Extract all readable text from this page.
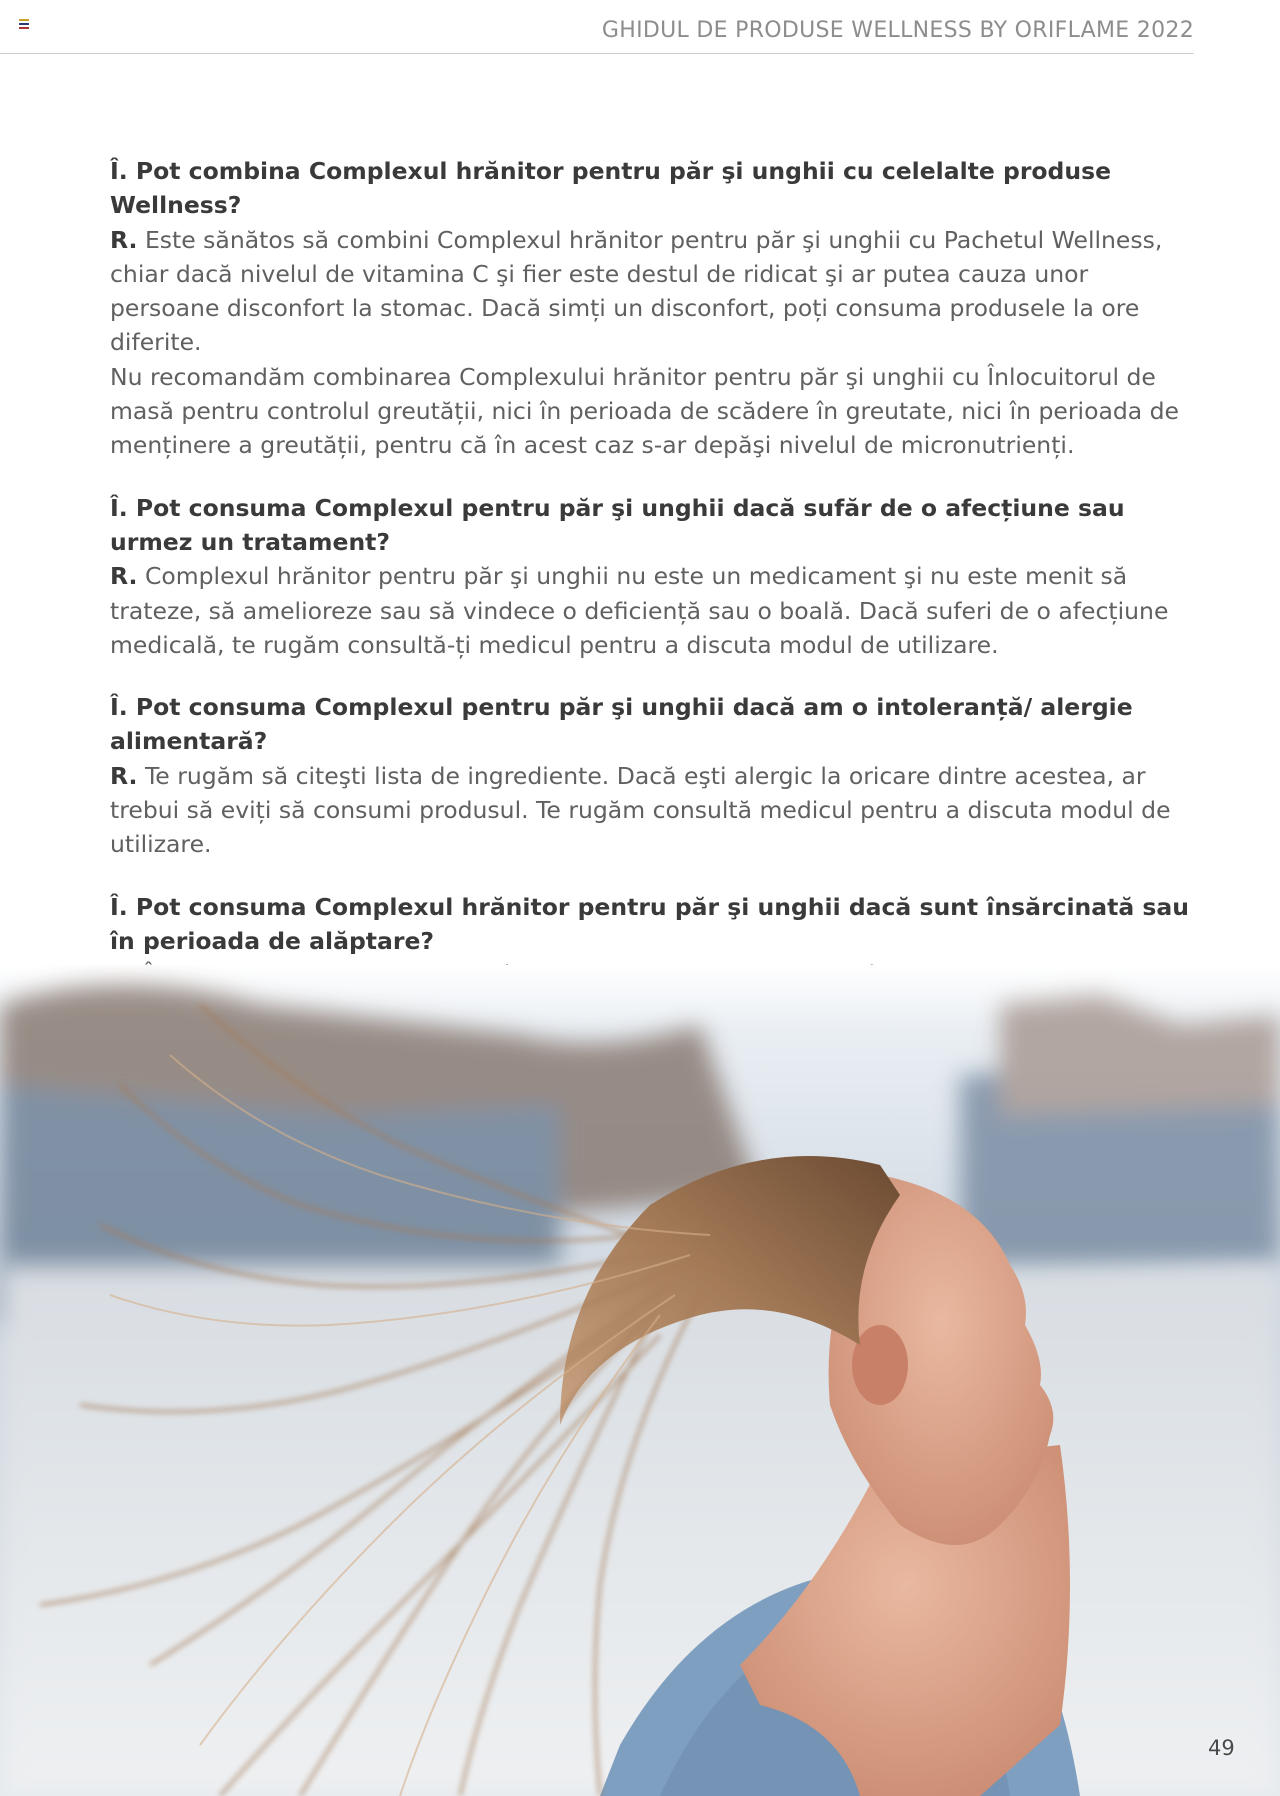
GHIDUL DE PRODUSE WELLNESS BY ORIFLAME 2022

Î. Pot combina Complexul hrănitor pentru păr şi unghii cu celelalte produse Wellness?

R. Este sănătos să combini Complexul hrănitor pentru păr şi unghii cu Pachetul Wellness, chiar dacă nivelul de vitamina C şi fier este destul de ridicat şi ar putea cauza unor persoane disconfort la stomac. Dacă simți un disconfort, poți consuma produsele la ore diferite.

Nu recomandăm combinarea Complexului hrănitor pentru păr şi unghii cu Înlocuitorul de masă pentru controlul greutății, nici în perioada de scădere în greutate, nici în perioada de menținere a greutății, pentru că în acest caz s-ar depăşi nivelul de micronutrienți.

Î. Pot consuma Complexul pentru păr şi unghii dacă sufăr de o afecțiune sau urmez un tratament?

R. Complexul hrănitor pentru păr şi unghii nu este un medicament şi nu este menit să trateze, să amelioreze sau să vindece o deficiență sau o boală. Dacă suferi de o afecțiune medicală, te rugăm consultă-ți medicul pentru a discuta modul de utilizare.

Î. Pot consuma Complexul pentru păr şi unghii dacă am o intoleranță/ alergie alimentară?

R. Te rugăm să citeşti lista de ingrediente. Dacă eşti alergic la oricare dintre acestea, ar trebui să eviți să consumi produsul. Te rugăm consultă medicul pentru a discuta modul de utilizare.

Î. Pot consuma Complexul hrănitor pentru păr şi unghii dacă sunt însărcinată sau în perioada de alăptare?

49
